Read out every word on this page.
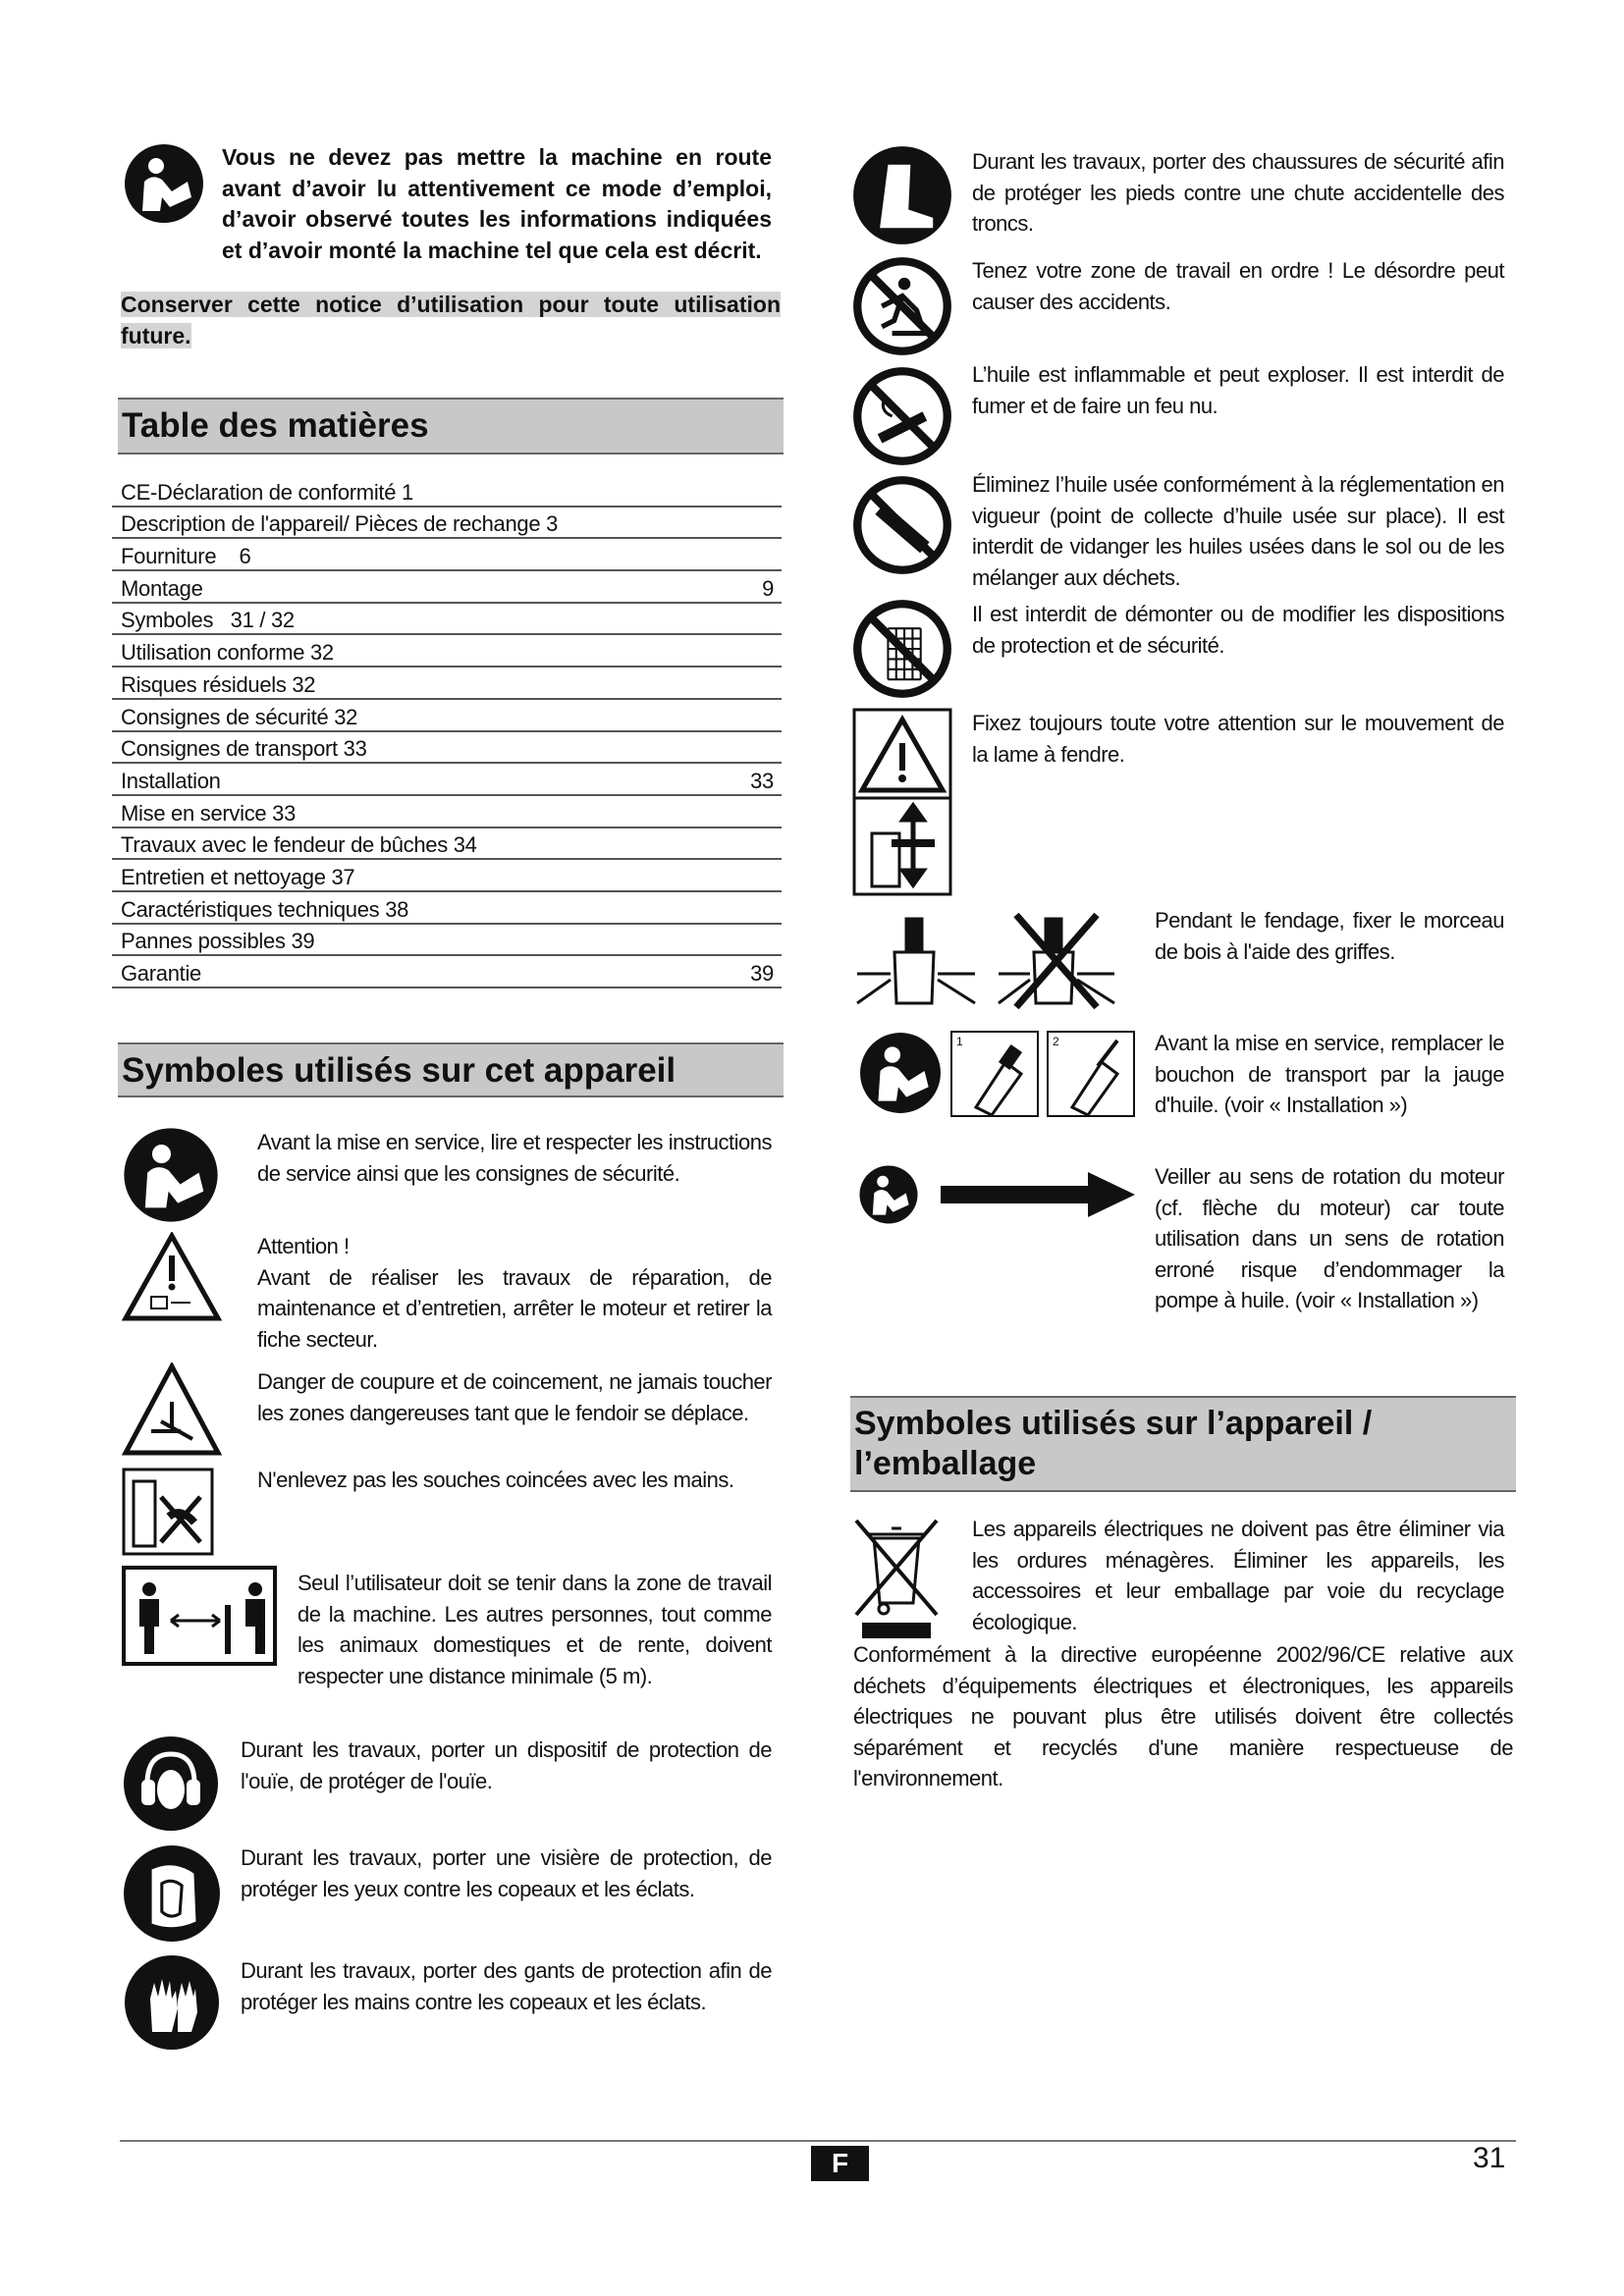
Vous ne devez pas mettre la machine en route avant d’avoir lu attentivement ce mode d’emploi, d’avoir observé toutes les informations indiquées et d’avoir monté la machine tel que cela est décrit.
Conserver cette notice d’utilisation pour toute utilisation future.
Table des matières
CE-Déclaration de conformité 1
Description de l'appareil/ Pièces de rechange 3
Fourniture    6
Montage	9
Symboles   31 / 32
Utilisation conforme 32
Risques résiduels 32
Consignes de sécurité 32
Consignes de transport 33
Installation	33
Mise en service 33
Travaux avec le fendeur de bûches 34
Entretien et nettoyage 37
Caractéristiques techniques 38
Pannes possibles 39
Garantie	39
Symboles utilisés sur cet appareil
Avant la mise en service, lire et respecter les instructions de service ainsi que les consignes de sécurité.
Attention !
Avant de réaliser les travaux de réparation, de maintenance et d’entretien, arrêter le moteur et retirer la fiche secteur.
Danger de coupure et de coincement, ne jamais toucher les zones dangereuses tant que le fendoir se déplace.
N'enlevez pas les souches coincées avec les mains.
Seul l’utilisateur doit se tenir dans la zone de travail de la machine. Les autres personnes, tout comme les animaux domestiques et de rente, doivent respecter une distance minimale (5 m).
Durant les travaux, porter un dispositif de protection de l'ouïe, de protéger de l'ouïe.
Durant les travaux, porter une visière de protection, de protéger les yeux contre les copeaux et les éclats.
Durant les travaux, porter des gants de protection afin de protéger les mains contre les copeaux et les éclats.
Durant les travaux, porter des chaussures de sécurité afin de protéger les pieds contre une chute accidentelle des troncs.
Tenez votre zone de travail en ordre ! Le désordre peut causer des accidents.
L’huile est inflammable et peut exploser. Il est interdit de fumer et de faire un feu nu.
Éliminez l’huile usée conformément à la réglementation en vigueur (point de collecte d’huile usée sur place). Il est interdit de vidanger les huiles usées dans le sol ou de les mélanger aux déchets.
Il est interdit de démonter ou de modifier les dispositions de protection et de sécurité.
Fixez toujours toute votre attention sur le mouvement de la lame à fendre.
Pendant le fendage, fixer le morceau de bois à l'aide des griffes.
1	2	Avant la mise en service, remplacer le bouchon de transport par la jauge d'huile. (voir « Installation »)
Veiller au sens de rotation du moteur (cf. flèche du moteur) car toute utilisation dans un sens de rotation erroné risque d’endommager la pompe à huile. (voir « Installation »)
Symboles utilisés sur l’appareil / l’emballage
Les appareils électriques ne doivent pas être éliminer via les ordures ménagères. Éliminer les appareils, les accessoires et leur emballage par voie du recyclage écologique.
Conformément à la directive européenne 2002/96/CE relative aux déchets d’équipements électriques et électroniques, les appareils électriques ne pouvant plus être utilisés doivent être collectés séparément et recyclés d'une manière respectueuse de l'environnement.
F	31
